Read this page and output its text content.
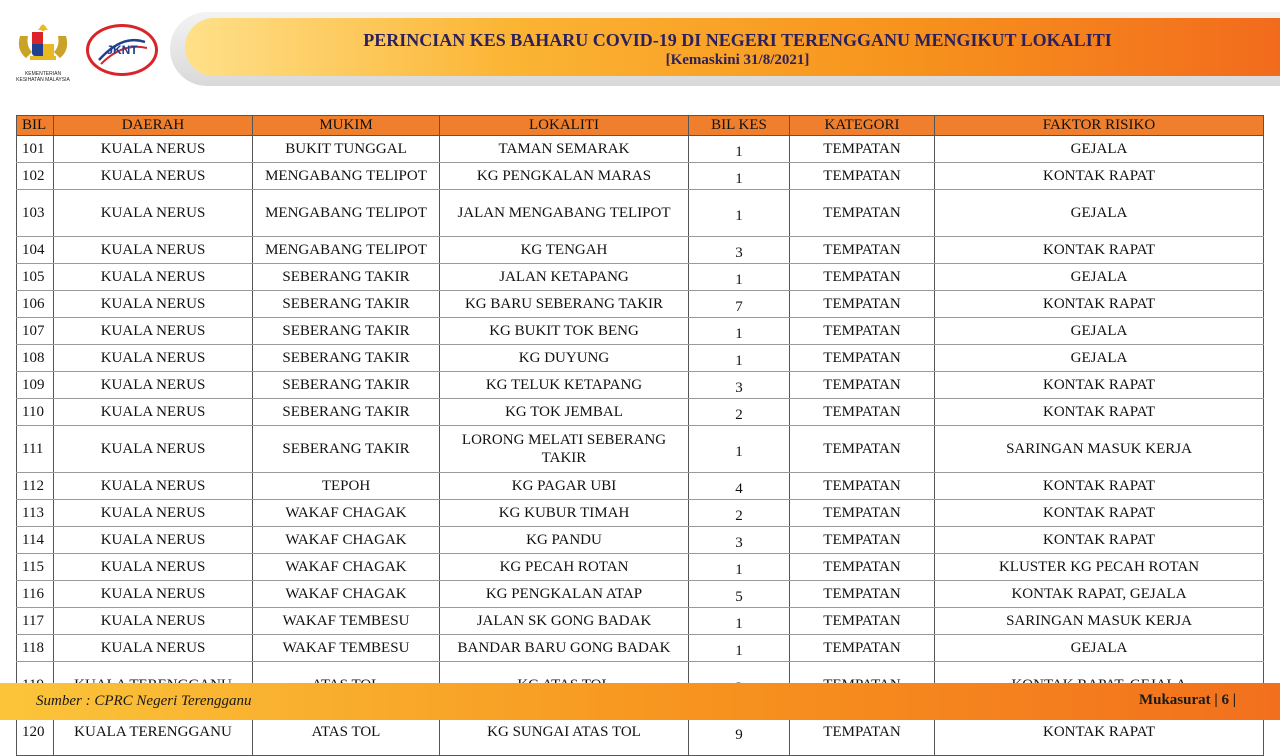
KEMENTERIAN KESIHATAN MALAYSIA
JKNT	PERINCIAN KES BAHARU COVID-19 DI NEGERI TERENGGANU MENGIKUT LOKALITI
[Kemaskini 31/8/2021]
BIL	DAERAH	MUKIM	LOKALITI	BIL KES	KATEGORI	FAKTOR RISIKO
101	KUALA NERUS	BUKIT TUNGGAL	TAMAN SEMARAK	1	TEMPATAN	GEJALA
102	KUALA NERUS	MENGABANG TELIPOT	KG PENGKALAN MARAS	1	TEMPATAN	KONTAK RAPAT
103	KUALA NERUS	MENGABANG TELIPOT	JALAN MENGABANG TELIPOT	1	TEMPATAN	GEJALA
104	KUALA NERUS	MENGABANG TELIPOT	KG TENGAH	3	TEMPATAN	KONTAK RAPAT
105	KUALA NERUS	SEBERANG TAKIR	JALAN KETAPANG	1	TEMPATAN	GEJALA
106	KUALA NERUS	SEBERANG TAKIR	KG BARU SEBERANG TAKIR	7	TEMPATAN	KONTAK RAPAT
107	KUALA NERUS	SEBERANG TAKIR	KG BUKIT TOK BENG	1	TEMPATAN	GEJALA
108	KUALA NERUS	SEBERANG TAKIR	KG DUYUNG	1	TEMPATAN	GEJALA
109	KUALA NERUS	SEBERANG TAKIR	KG TELUK KETAPANG	3	TEMPATAN	KONTAK RAPAT
110	KUALA NERUS	SEBERANG TAKIR	KG TOK JEMBAL	2	TEMPATAN	KONTAK RAPAT
111	KUALA NERUS	SEBERANG TAKIR	LORONG MELATI SEBERANG TAKIR	1	TEMPATAN	SARINGAN MASUK KERJA
112	KUALA NERUS	TEPOH	KG PAGAR UBI	4	TEMPATAN	KONTAK RAPAT
113	KUALA NERUS	WAKAF CHAGAK	KG KUBUR TIMAH	2	TEMPATAN	KONTAK RAPAT
114	KUALA NERUS	WAKAF CHAGAK	KG PANDU	3	TEMPATAN	KONTAK RAPAT
115	KUALA NERUS	WAKAF CHAGAK	KG PECAH ROTAN	1	TEMPATAN	KLUSTER KG PECAH ROTAN
116	KUALA NERUS	WAKAF CHAGAK	KG PENGKALAN ATAP	5	TEMPATAN	KONTAK RAPAT, GEJALA
117	KUALA NERUS	WAKAF TEMBESU	JALAN SK GONG BADAK	1	TEMPATAN	SARINGAN MASUK KERJA
118	KUALA NERUS	WAKAF TEMBESU	BANDAR BARU GONG BADAK	1	TEMPATAN	GEJALA

120	KUALA TERENGGANU	ATAS TOL	KG SUNGAI ATAS TOL	9	TEMPATAN	KONTAK RAPAT
Sumber : CPRC Negeri Terengganu	Mukasurat | 6 |
